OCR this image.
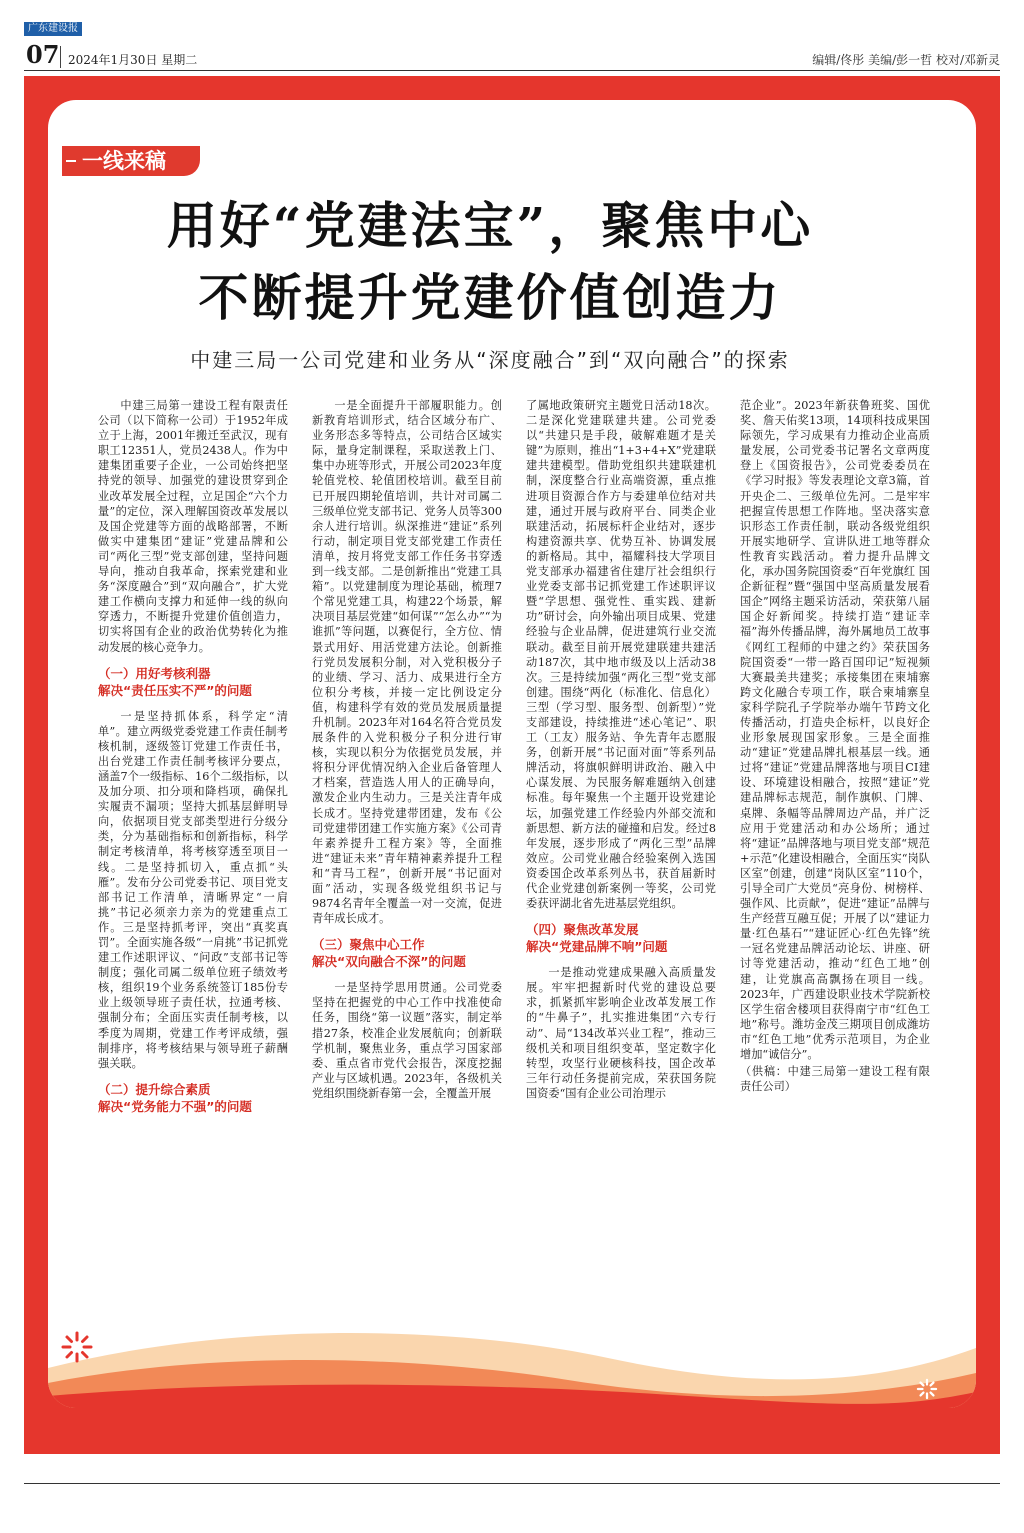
广东建设报
07 2024年1月30日 星期二	编辑/佟彤 美编/彭一哲 校对/邓新灵
一线来稿
用好“党建法宝”，聚焦中心
不断提升党建价值创造力
中建三局一公司党建和业务从“深度融合”到“双向融合”的探索

中建三局第一建设工程有限责任公司（以下简称一公司）于1952年成立于上海，2001年搬迁至武汉，现有职工12351人，党员2438人。作为中建集团重要子企业，一公司始终把坚持党的领导、加强党的建设贯穿到企业改革发展全过程，立足国企“六个力量”的定位，深入理解国资改革发展以及国企党建等方面的战略部署，不断做实中建集团“建证”党建品牌和公司“两化三型”党支部创建，坚持问题导向，推动自我革命，探索党建和业务“深度融合”到“双向融合”，扩大党建工作横向支撑力和延伸一线的纵向穿透力，不断提升党建价值创造力，切实将国有企业的政治优势转化为推动发展的核心竞争力。

（一）用好考核利器
解决“责任压实不严”的问题

一是坚持抓体系，科学定“清单”。建立两级党委党建工作责任制考核机制，逐级签订党建工作责任书，出台党建工作责任制考核评分要点，涵盖7个一级指标、16个二级指标，以及加分项、扣分项和降档项，确保扎实履责不漏项；坚持大抓基层鲜明导向，依据项目党支部类型进行分级分类，分为基础指标和创新指标，科学制定考核清单，将考核穿透至项目一线。二是坚持抓切入，重点抓“头雁”。发布分公司党委书记、项目党支部书记工作清单，清晰界定“一肩挑”书记必须亲力亲为的党建重点工作。三是坚持抓考评，突出“真奖真罚”。全面实施各级“一肩挑”书记抓党建工作述职评议、“问政”支部书记等制度；强化司属二级单位班子绩效考核，组织19个业务系统签订185份专业上级领导班子责任状，拉通考核、强制分布；全面压实责任制考核，以季度为周期，党建工作考评成绩，强制排序，将考核结果与领导班子薪酬强关联。

（二）提升综合素质
解决“党务能力不强”的问题

一是全面提升干部履职能力。创新教育培训形式，结合区域分布广、业务形态多等特点，公司结合区域实际，量身定制课程，采取送教上门、集中办班等形式，开展公司2023年度轮值党校、轮值团校培训。截至目前已开展四期轮值培训，共计对司属二三级单位党支部书记、党务人员等300余人进行培训。纵深推进“建证”系列行动，制定项目党支部党建工作责任清单，按月将党支部工作任务书穿透到一线支部。二是创新推出“党建工具箱”。以党建制度为理论基础，梳理7个常见党建工具，构建22个场景，解决项目基层党建“如何谋”“怎么办”“为谁抓”等问题，以赛促行，全方位、情景式用好、用活党建方法论。创新推行党员发展积分制，对入党积极分子的业绩、学习、活力、成果进行全方位积分考核，并接一定比例设定分值，构建科学有效的党员发展质量提升机制。2023年对164名符合党员发展条件的入党积极分子积分进行审核，实现以积分为依据党员发展，并将积分评优情况纳入企业后备管理人才档案，营造选人用人的正确导向，激发企业内生动力。三是关注青年成长成才。坚持党建带团建，发布《公司党建带团建工作实施方案》《公司青年素养提升工程方案》等，全面推进“建证未来”青年精神素养提升工程和“青马工程”，创新开展“书记面对面”活动，实现各级党组织书记与9874名青年全覆盖一对一交流，促进青年成长成才。

（三）聚焦中心工作
解决“双向融合不深”的问题

一是坚持学思用贯通。公司党委坚持在把握党的中心工作中找准使命任务，围绕“第一议题”落实，制定举措27条，校准企业发展航向；创新联学机制，聚焦业务，重点学习国家部委、重点省市党代会报告，深度挖掘产业与区域机遇。2023年，各级机关党组织围绕新春第一会，全覆盖开展

了属地政策研究主题党日活动18次。二是深化党建联建共建。公司党委以“共建只是手段，破解难题才是关键”为原则，推出“1+3+4+X”党建联建共建模型。借助党组织共建联建机制，深度整合行业高端资源，重点推进项目资源合作方与委建单位结对共建，通过开展与政府平台、同类企业联建活动，拓展标杆企业结对，逐步构建资源共享、优势互补、协调发展的新格局。其中，福耀科技大学项目党支部承办福建省住建厅社会组织行业党委支部书记抓党建工作述职评议暨“学思想、强党性、重实践、建新功”研讨会，向外输出项目成果、党建经验与企业品牌，促进建筑行业交流联动。截至目前开展党建联建共建活动187次，其中地市级及以上活动38次。三是持续加强“两化三型”党支部创建。围绕“两化（标准化、信息化）三型（学习型、服务型、创新型）”党支部建设，持续推进“述心笔记”、职工（工友）服务站、争先青年志愿服务，创新开展“书记面对面”等系列品牌活动，将旗帜鲜明讲政治、融入中心谋发展、为民服务解难题纳入创建标准。每年聚焦一个主题开设党建论坛，加强党建工作经验内外部交流和新思想、新方法的碰撞和启发。经过8年发展，逐步形成了“两化三型”品牌效应。公司党业融合经验案例入选国资委国企改革系列丛书，获首届新时代企业党建创新案例一等奖，公司党委获评湖北省先进基层党组织。

（四）聚焦改革发展
解决“党建品牌不响”问题

一是推动党建成果融入高质量发展。牢牢把握新时代党的建设总要求，抓紧抓牢影响企业改革发展工作的“牛鼻子”，扎实推进集团“六专行动”、局“134改革兴业工程”，推动三级机关和项目组织变革，坚定数字化转型，攻坚行业硬核科技，国企改革三年行动任务提前完成，荣获国务院国资委“国有企业公司治理示

范企业”。2023年新获鲁班奖、国优奖、詹天佑奖13项，14项科技成果国际领先，学习成果有力推动企业高质量发展，公司党委书记署名文章两度登上《国资报告》，公司党委委员在《学习时报》等发表理论文章3篇，首开央企二、三级单位先河。二是牢牢把握宣传思想工作阵地。坚决落实意识形态工作责任制，联动各级党组织开展实地研学、宣讲队进工地等群众性教育实践活动。着力提升品牌文化，承办国务院国资委“百年党旗红 国企新征程”暨“强国中坚高质量发展看国企”网络主题采访活动，荣获第八届国企好新闻奖。持续打造“建证幸福”海外传播品牌，海外属地员工故事《网红工程师的中建之约》荣获国务院国资委“一带一路百国印记”短视频大赛最美共建奖；承接集团在柬埔寨跨文化融合专项工作，联合柬埔寨皇家科学院孔子学院举办端午节跨文化传播活动，打造央企标杆，以良好企业形象展现国家形象。三是全面推动“建证”党建品牌扎根基层一线。通过将“建证”党建品牌落地与项目CI建设、环境建设相融合，按照“建证”党建品牌标志规范，制作旗帜、门牌、桌牌、条幅等品牌周边产品，并广泛应用于党建活动和办公场所；通过将“建证”品牌落地与项目党支部“规范+示范”化建设相融合，全面压实“岗队区室”创建，创建“岗队区室”110个，引导全司广大党员“亮身份、树榜样、强作风、比贡献”，促进“建证”品牌与生产经营互融互促；开展了以“建证力量·红色基石”“建证匠心·红色先锋”统一冠名党建品牌活动论坛、讲座、研讨等党建活动，推动“红色工地”创建，让党旗高高飘扬在项目一线。2023年，广西建设职业技术学院新校区学生宿舍楼项目获得南宁市“红色工地”称号。潍坊金茂三期项目创成潍坊市“红色工地”优秀示范项目，为企业增加“诚信分”。

（供稿：中建三局第一建设工程有限责任公司）
